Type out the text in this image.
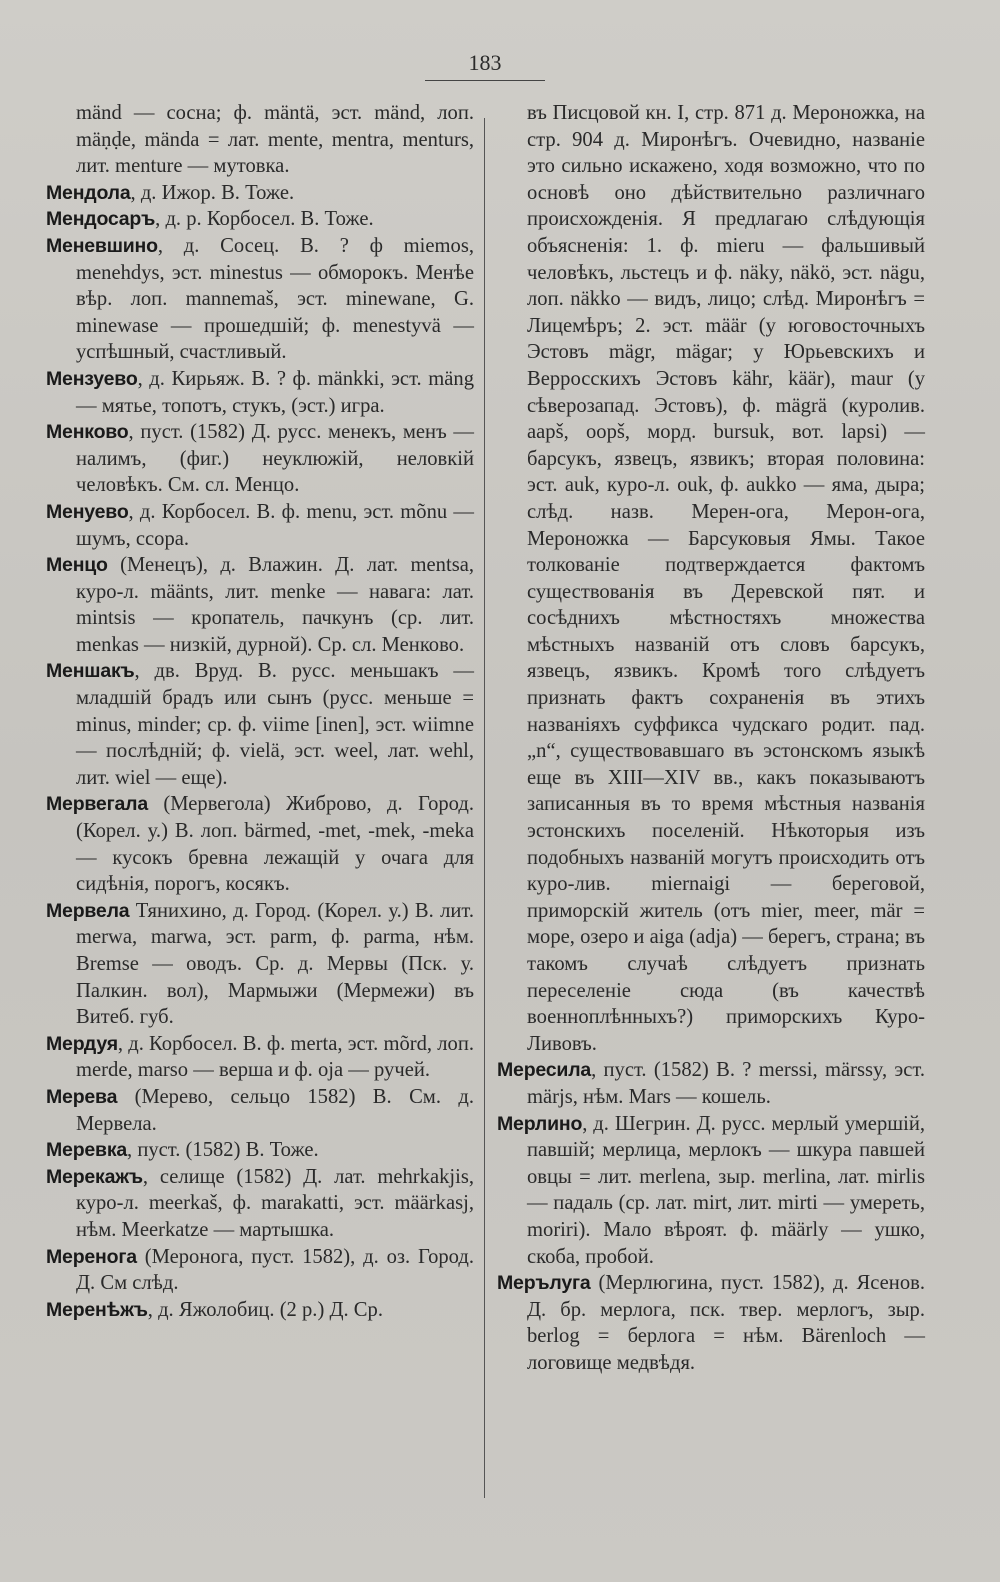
183

mänd — сосна; ф. mäntä, эст. mänd, лоп. mäṇḍe, mända = лат. mente, mentra, menturs, лит. menture — мутовка.

Мендола, д. Ижор. В. Тоже.

Мендосаръ, д. р. Корбосел. В. Тоже.

Меневшино, д. Сосец. В. ? ф miemos, menehdys, эст. minestus — обморокъ. Менѣе вѣр. лоп. mannemaš, эст. minewane, G. minewase — прошедшій; ф. menestyvä — успѣшный, счастливый.

Мензуево, д. Кирьяж. В. ? ф. mänkki, эст. mäng — мятье, топотъ, стукъ, (эст.) игра.

Менково, пуст. (1582) Д. русс. менекъ, менъ — налимъ, (фиг.) неуклюжій, неловкій человѣкъ. См. сл. Менцо.

Менуево, д. Корбосел. В. ф. menu, эст. mõnu — шумъ, ссора.

Менцо (Менецъ), д. Влажин. Д. лат. mentsa, куро-л. määnts, лит. menke — навага: лат. mintsis — кропатель, пачкунъ (ср. лит. menkas — низкій, дурной). Ср. сл. Менково.

Меншакъ, дв. Вруд. В. русс. меньшакъ — младшій брадъ или сынъ (русс. меньше = minus, minder; ср. ф. viime [inen], эст. wiimne — послѣдній; ф. vielä, эст. weel, лат. wehl, лит. wiel — еще).

Мервегала (Мервегола) Жиброво, д. Город. (Корел. у.) В. лоп. bärmed, -met, -mek, -meka — кусокъ бревна лежащій у очага для сидѣнія, порогъ, косякъ.

Мервела Тянихино, д. Город. (Корел. у.) В. лит. merwa, marwa, эст. parm, ф. parma, нѣм. Bremse — оводъ. Ср. д. Мервы (Пск. у. Палкин. вол), Мармыжи (Мермежи) въ Витеб. губ.

Мердуя, д. Корбосел. В. ф. merta, эст. mõrd, лоп. merde, marso — верша и ф. oja — ручей.

Мерева (Мерево, сельцо 1582) В. См. д. Мервела.

Меревка, пуст. (1582) В. Тоже.

Мерекажъ, селище (1582) Д. лат. mehrkakjis, куро-л. meerkaš, ф. marakatti, эст. määrkasj, нѣм. Meerkatze — мартышка.

Меренога (Мероногa, пуст. 1582), д. оз. Город. Д. См слѣд.

Меренѣжъ, д. Яжолобиц. (2 р.) Д. Ср.

въ Писцовой кн. I, стр. 871 д. Мероножка, на стр. 904 д. Миронѣгъ. Очевидно, названіе это сильно искажено, ходя возможно, что по основѣ оно дѣйствительно различнаго происхожденія. Я предлагаю слѣдующія объясненія: 1. ф. mieru — фальшивый человѣкъ, льстецъ и ф. näky, näkö, эст. nägu, лоп. näkko — видъ, лицо; слѣд. Миронѣгъ = Лицемѣръ; 2. эст. määr (у юговосточныхъ Эстовъ mägr, mägar; у Юрьевскихъ и Верросскихъ Эстовъ kähr, käär), maur (у сѣверозапад. Эстовъ), ф. mägrä (куролив. aapš, oopš, морд. bursuk, вот. lapsi) — барсукъ, язвецъ, язвикъ; вторая половина: эст. auk, куро-л. ouk, ф. aukko — яма, дыра; слѣд. назв. Мерен-ога, Мерон-ога, Мероножка — Барсуковыя Ямы. Такое толкованіе подтверждается фактомъ существованія въ Деревской пят. и сосѣднихъ мѣстностяхъ множества мѣстныхъ названій отъ словъ барсукъ, язвецъ, язвикъ. Кромѣ того слѣдуетъ признать фактъ сохраненія въ этихъ названіяхъ суффикса чудскаго родит. пад. „n“, существовавшаго въ эстонскомъ языкѣ еще въ XIII—XIV вв., какъ показываютъ записанныя въ то время мѣстныя названія эстонскихъ поселеній. Нѣкоторыя изъ подобныхъ названій могутъ происходить отъ куро-лив. miernaigi — береговой, приморскій житель (отъ mier, meer, mär = море, озеро и aiga (adja) — берегъ, страна; въ такомъ случаѣ слѣдуетъ признать переселеніе сюда (въ качествѣ военноплѣнныхъ?) приморскихъ Куро-Ливовъ.

Мересила, пуст. (1582) В. ? merssi, märssy, эст. märjs, нѣм. Mars — кошель.

Мерлино, д. Шегрин. Д. русс. мерлый умершій, павшій; мерлица, мерлокъ — шкура павшей овцы = лит. merlena, зыр. merlina, лат. mirlis — падаль (ср. лат. mirt, лит. mirti — умереть, morirі). Мало вѣроят. ф. määrly — ушко, скоба, пробой.

Мерълуга (Мерлюгина, пуст. 1582), д. Ясенов. Д. бр. мерлога, пск. твер. мерлогъ, зыр. berlog = берлога = нѣм. Bärenloch — логовище медвѣдя.
